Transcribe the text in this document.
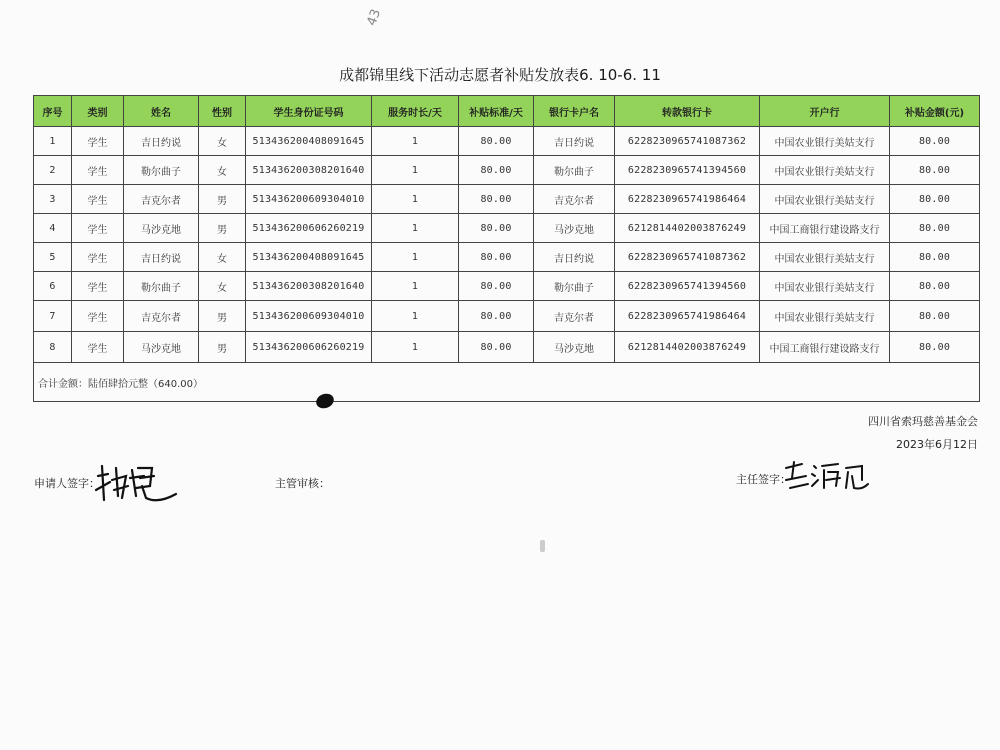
43
成都锦里线下活动志愿者补贴发放表6. 10-6. 11
序号	类别	姓名	性别	学生身份证号码	服务时长/天	补贴标准/天	银行卡户名	转款银行卡	开户行	补贴金额(元)
1	学生	吉日约说	女	513436200408091645	1	80.00	吉日约说	6228230965741087362	中国农业银行美姑支行	80.00
2	学生	勒尔曲子	女	513436200308201640	1	80.00	勒尔曲子	6228230965741394560	中国农业银行美姑支行	80.00
3	学生	吉克尔者	男	513436200609304010	1	80.00	吉克尔者	6228230965741986464	中国农业银行美姑支行	80.00
4	学生	马沙克地	男	513436200606260219	1	80.00	马沙克地	6212814402003876249	中国工商银行建设路支行	80.00
5	学生	吉日约说	女	513436200408091645	1	80.00	吉日约说	6228230965741087362	中国农业银行美姑支行	80.00
6	学生	勒尔曲子	女	513436200308201640	1	80.00	勒尔曲子	6228230965741394560	中国农业银行美姑支行	80.00
7	学生	吉克尔者	男	513436200609304010	1	80.00	吉克尔者	6228230965741986464	中国农业银行美姑支行	80.00
8	学生	马沙克地	男	513436200606260219	1	80.00	马沙克地	6212814402003876249	中国工商银行建设路支行	80.00
合计金额：陆佰肆拾元整（640.00）										
四川省索玛慈善基金会
2023年6月12日
申请人签字：	主管审核：	主任签字：
